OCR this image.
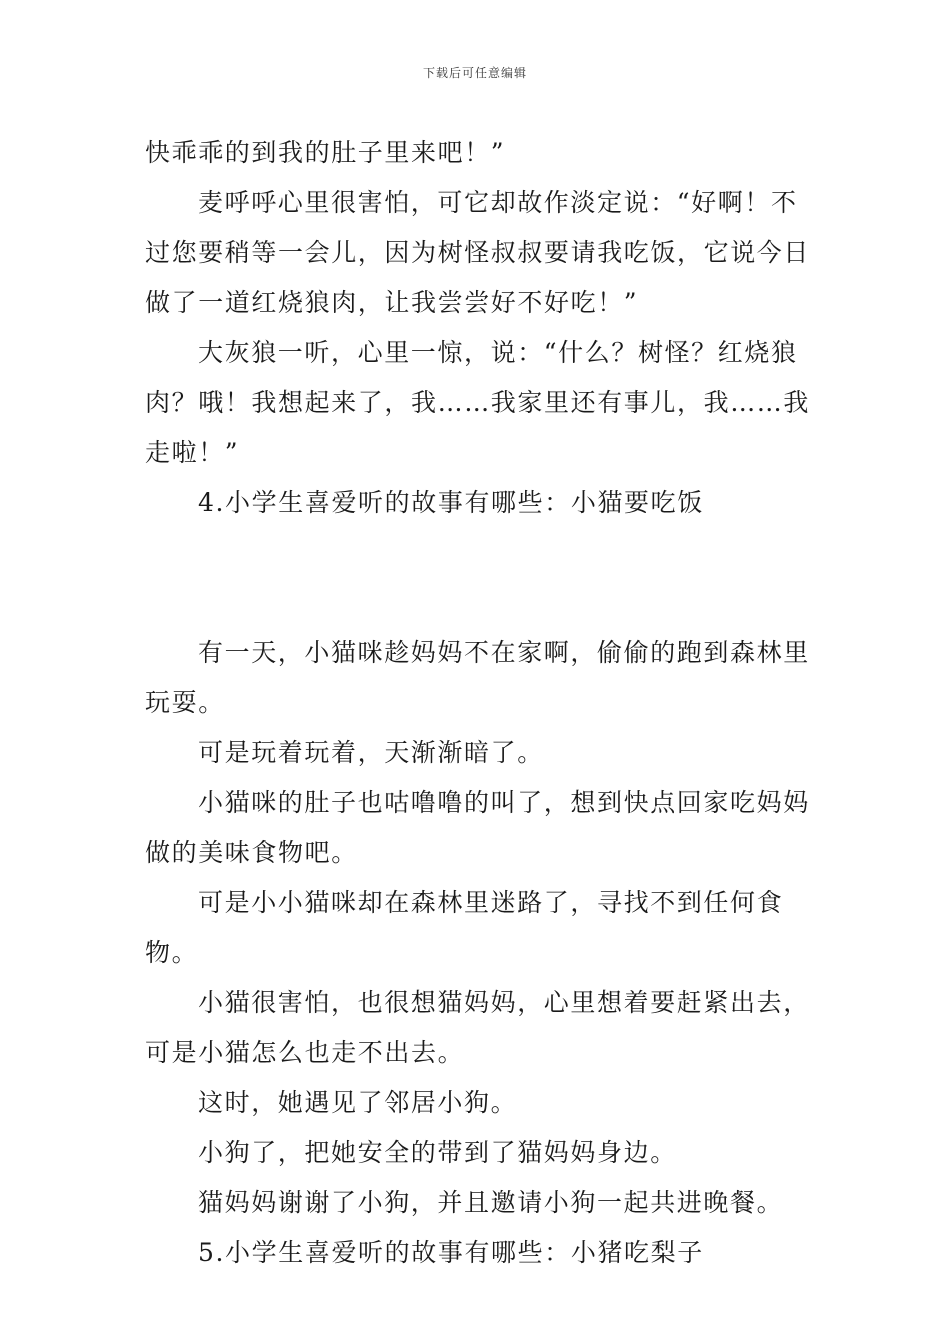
下载后可任意编辑

快乖乖的到我的肚子里来吧！”

麦呼呼心里很害怕，可它却故作淡定说：“好啊！不过您要稍等一会儿，因为树怪叔叔要请我吃饭，它说今日做了一道红烧狼肉，让我尝尝好不好吃！”

大灰狼一听，心里一惊，说：“什么？树怪？红烧狼肉？哦！我想起来了，我……我家里还有事儿，我……我走啦！”

4.小学生喜爱听的故事有哪些：小猫要吃饭

有一天，小猫咪趁妈妈不在家啊，偷偷的跑到森林里玩耍。

可是玩着玩着，天渐渐暗了。

小猫咪的肚子也咕噜噜的叫了，想到快点回家吃妈妈做的美味食物吧。

可是小小猫咪却在森林里迷路了，寻找不到任何食物。

小猫很害怕，也很想猫妈妈，心里想着要赶紧出去，可是小猫怎么也走不出去。

这时，她遇见了邻居小狗。

小狗了，把她安全的带到了猫妈妈身边。

猫妈妈谢谢了小狗，并且邀请小狗一起共进晚餐。

5.小学生喜爱听的故事有哪些：小猪吃梨子
